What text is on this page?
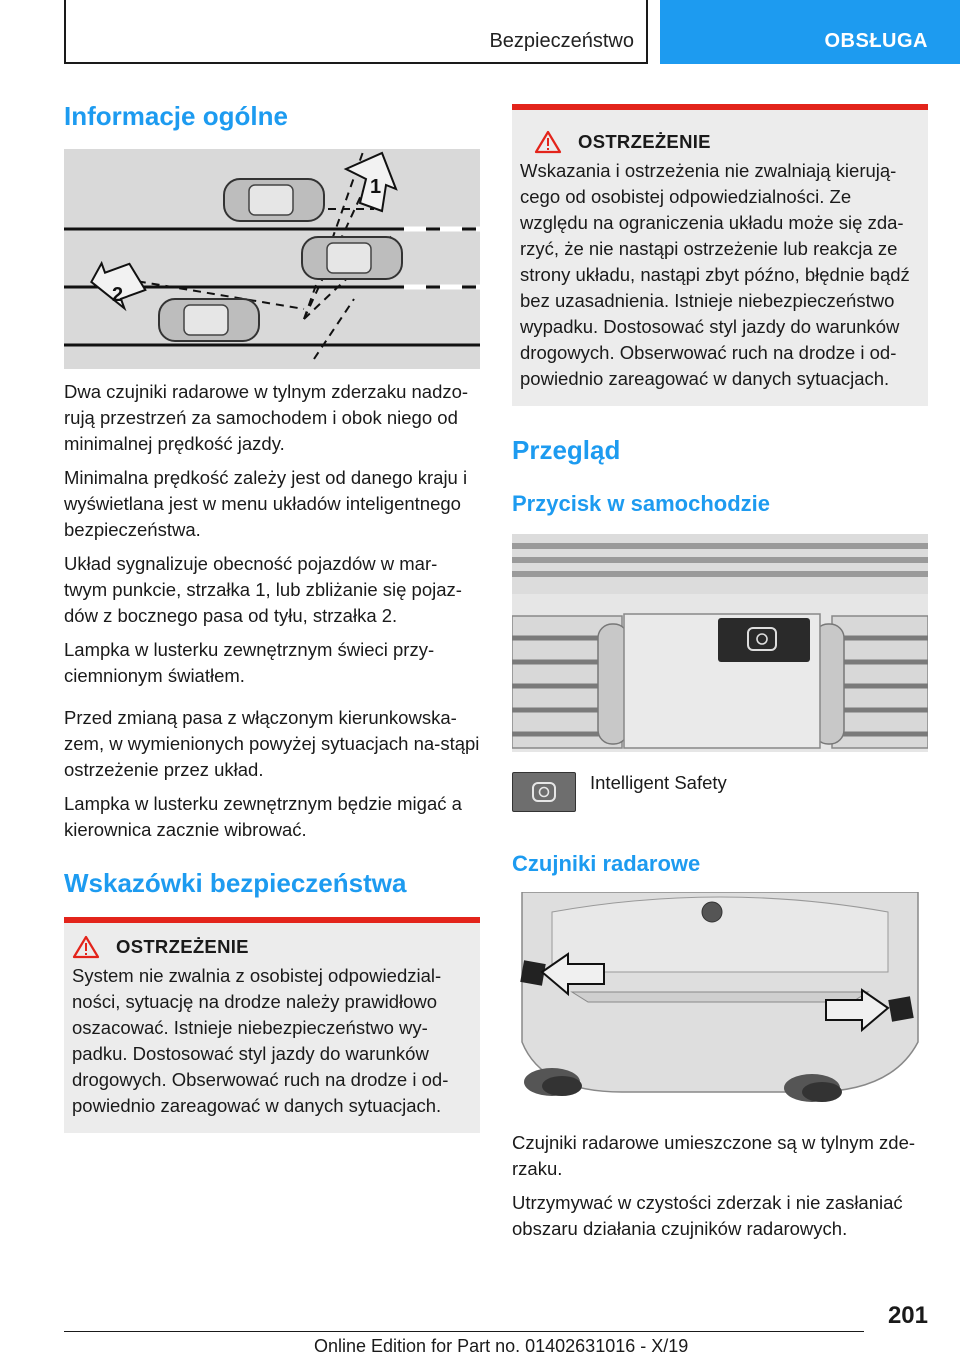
Bezpieczeństwo	OBSŁUGA
Informacje ogólne
1
2

Dwa czujniki radarowe w tylnym zderzaku nadzo-rują przestrzeń za samochodem i obok niego od minimalnej prędkość jazdy.

Minimalna prędkość zależy jest od danego kraju i wyświetlana jest w menu układów inteligentnego bezpieczeństwa.

Układ sygnalizuje obecność pojazdów w mar-twym punkcie, strzałka 1, lub zbliżanie się pojaz-dów z bocznego pasa od tyłu, strzałka 2.

Lampka w lusterku zewnętrznym świeci przy-ciemnionym światłem.

Przed zmianą pasa z włączonym kierunkowska-zem, w wymienionych powyżej sytuacjach na-stąpi ostrzeżenie przez układ.

Lampka w lusterku zewnętrznym będzie migać a kierownica zacznie wibrować.

Wskazówki bezpieczeństwa
OSTRZEŻENIE

System nie zwalnia z osobistej odpowiedzial-ności, sytuację na drodze należy prawidłowo oszacować. Istnieje niebezpieczeństwo wy-padku. Dostosować styl jazdy do warunków drogowych. Obserwować ruch na drodze i od-powiednio zareagować w danych sytuacjach.

OSTRZEŻENIE

Wskazania i ostrzeżenia nie zwalniają kierują-cego od osobistej odpowiedzialności. Ze względu na ograniczenia układu może się zda-rzyć, że nie nastąpi ostrzeżenie lub reakcja ze strony układu, nastąpi zbyt późno, błędnie bądź bez uzasadnienia. Istnieje niebezpieczeństwo wypadku. Dostosować styl jazdy do warunków drogowych. Obserwować ruch na drodze i od-powiednio zareagować w danych sytuacjach.

Przegląd
Przycisk w samochodzie
Intelligent Safety
Czujniki radarowe

Czujniki radarowe umieszczone są w tylnym zde-rzaku.

Utrzymywać w czystości zderzak i nie zasłaniać obszaru działania czujników radarowych.

201
Online Edition for Part no. 01402631016 - X/19
